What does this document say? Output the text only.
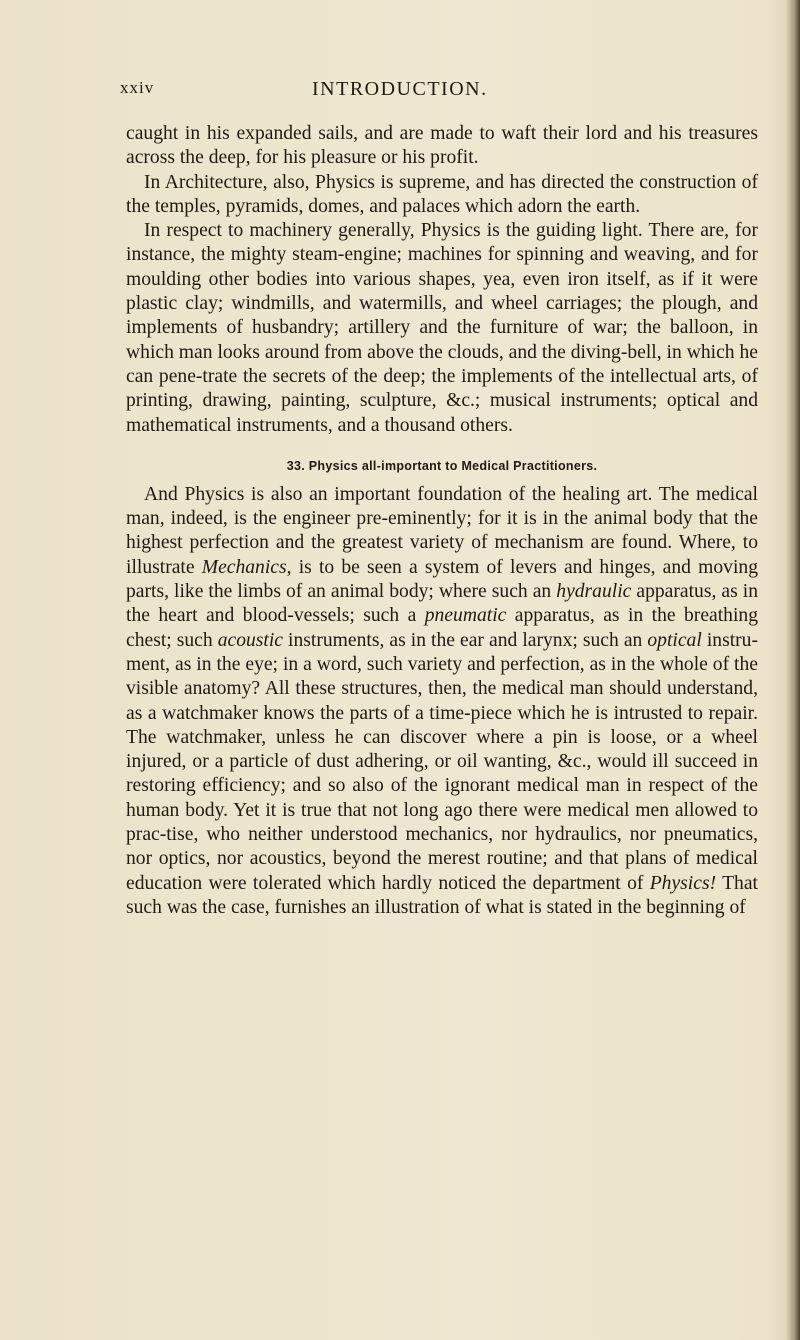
xxiv	INTRODUCTION.

caught in his expanded sails, and are made to waft their lord and his treasures across the deep, for his pleasure or his profit.

In Architecture, also, Physics is supreme, and has directed the construction of the temples, pyramids, domes, and palaces which adorn the earth.

In respect to machinery generally, Physics is the guiding light. There are, for instance, the mighty steam-engine; machines for spinning and weaving, and for moulding other bodies into various shapes, yea, even iron itself, as if it were plastic clay; windmills, and watermills, and wheel carriages; the plough, and implements of husbandry; artillery and the furniture of war; the balloon, in which man looks around from above the clouds, and the diving-bell, in which he can pene-trate the secrets of the deep; the implements of the intellectual arts, of printing, drawing, painting, sculpture, &c.; musical instruments; optical and mathematical instruments, and a thousand others.

33. Physics all-important to Medical Practitioners.

And Physics is also an important foundation of the healing art. The medical man, indeed, is the engineer pre-eminently; for it is in the animal body that the highest perfection and the greatest variety of mechanism are found. Where, to illustrate Mechanics, is to be seen a system of levers and hinges, and moving parts, like the limbs of an animal body; where such an hydraulic apparatus, as in the heart and blood-vessels; such a pneumatic apparatus, as in the breathing chest; such acoustic instruments, as in the ear and larynx; such an optical instru-ment, as in the eye; in a word, such variety and perfection, as in the whole of the visible anatomy? All these structures, then, the medical man should understand, as a watchmaker knows the parts of a time-piece which he is intrusted to repair. The watchmaker, unless he can discover where a pin is loose, or a wheel injured, or a particle of dust adhering, or oil wanting, &c., would ill succeed in restoring efficiency; and so also of the ignorant medical man in respect of the human body. Yet it is true that not long ago there were medical men allowed to prac-tise, who neither understood mechanics, nor hydraulics, nor pneumatics, nor optics, nor acoustics, beyond the merest routine; and that plans of medical education were tolerated which hardly noticed the department of Physics! That such was the case, furnishes an illustration of what is stated in the beginning of
